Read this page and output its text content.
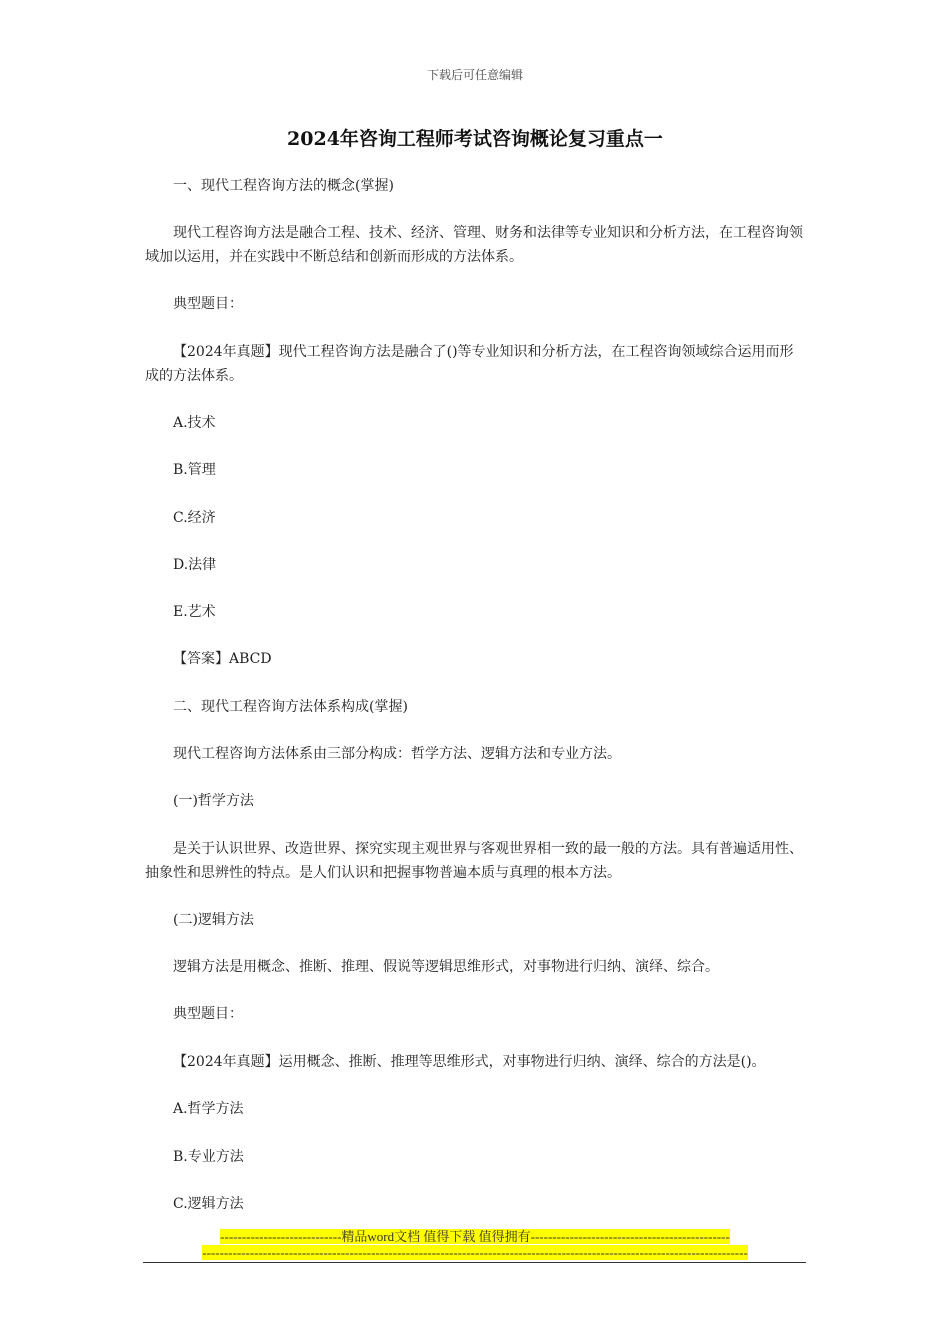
下载后可任意编辑
2024年咨询工程师考试咨询概论复习重点一
一、现代工程咨询方法的概念(掌握)
现代工程咨询方法是融合工程、技术、经济、管理、财务和法律等专业知识和分析方法，在工程咨询领域加以运用，并在实践中不断总结和创新而形成的方法体系。
典型题目：
【2024年真题】现代工程咨询方法是融合了()等专业知识和分析方法，在工程咨询领域综合运用而形成的方法体系。
A.技术
B.管理
C.经济
D.法律
E.艺术
【答案】ABCD
二、现代工程咨询方法体系构成(掌握)
现代工程咨询方法体系由三部分构成：哲学方法、逻辑方法和专业方法。
(一)哲学方法
是关于认识世界、改造世界、探究实现主观世界与客观世界相一致的最一般的方法。具有普遍适用性、抽象性和思辨性的特点。是人们认识和把握事物普遍本质与真理的根本方法。
(二)逻辑方法
逻辑方法是用概念、推断、推理、假说等逻辑思维形式，对事物进行归纳、演绎、综合。
典型题目：
【2024年真题】运用概念、推断、推理等思维形式，对事物进行归纳、演绎、综合的方法是()。
A.哲学方法
B.专业方法
C.逻辑方法
----------------------------精品word文档 值得下载 值得拥有----------------------------------------------
------------------------------------------------------------------------------------------------------------------------------
